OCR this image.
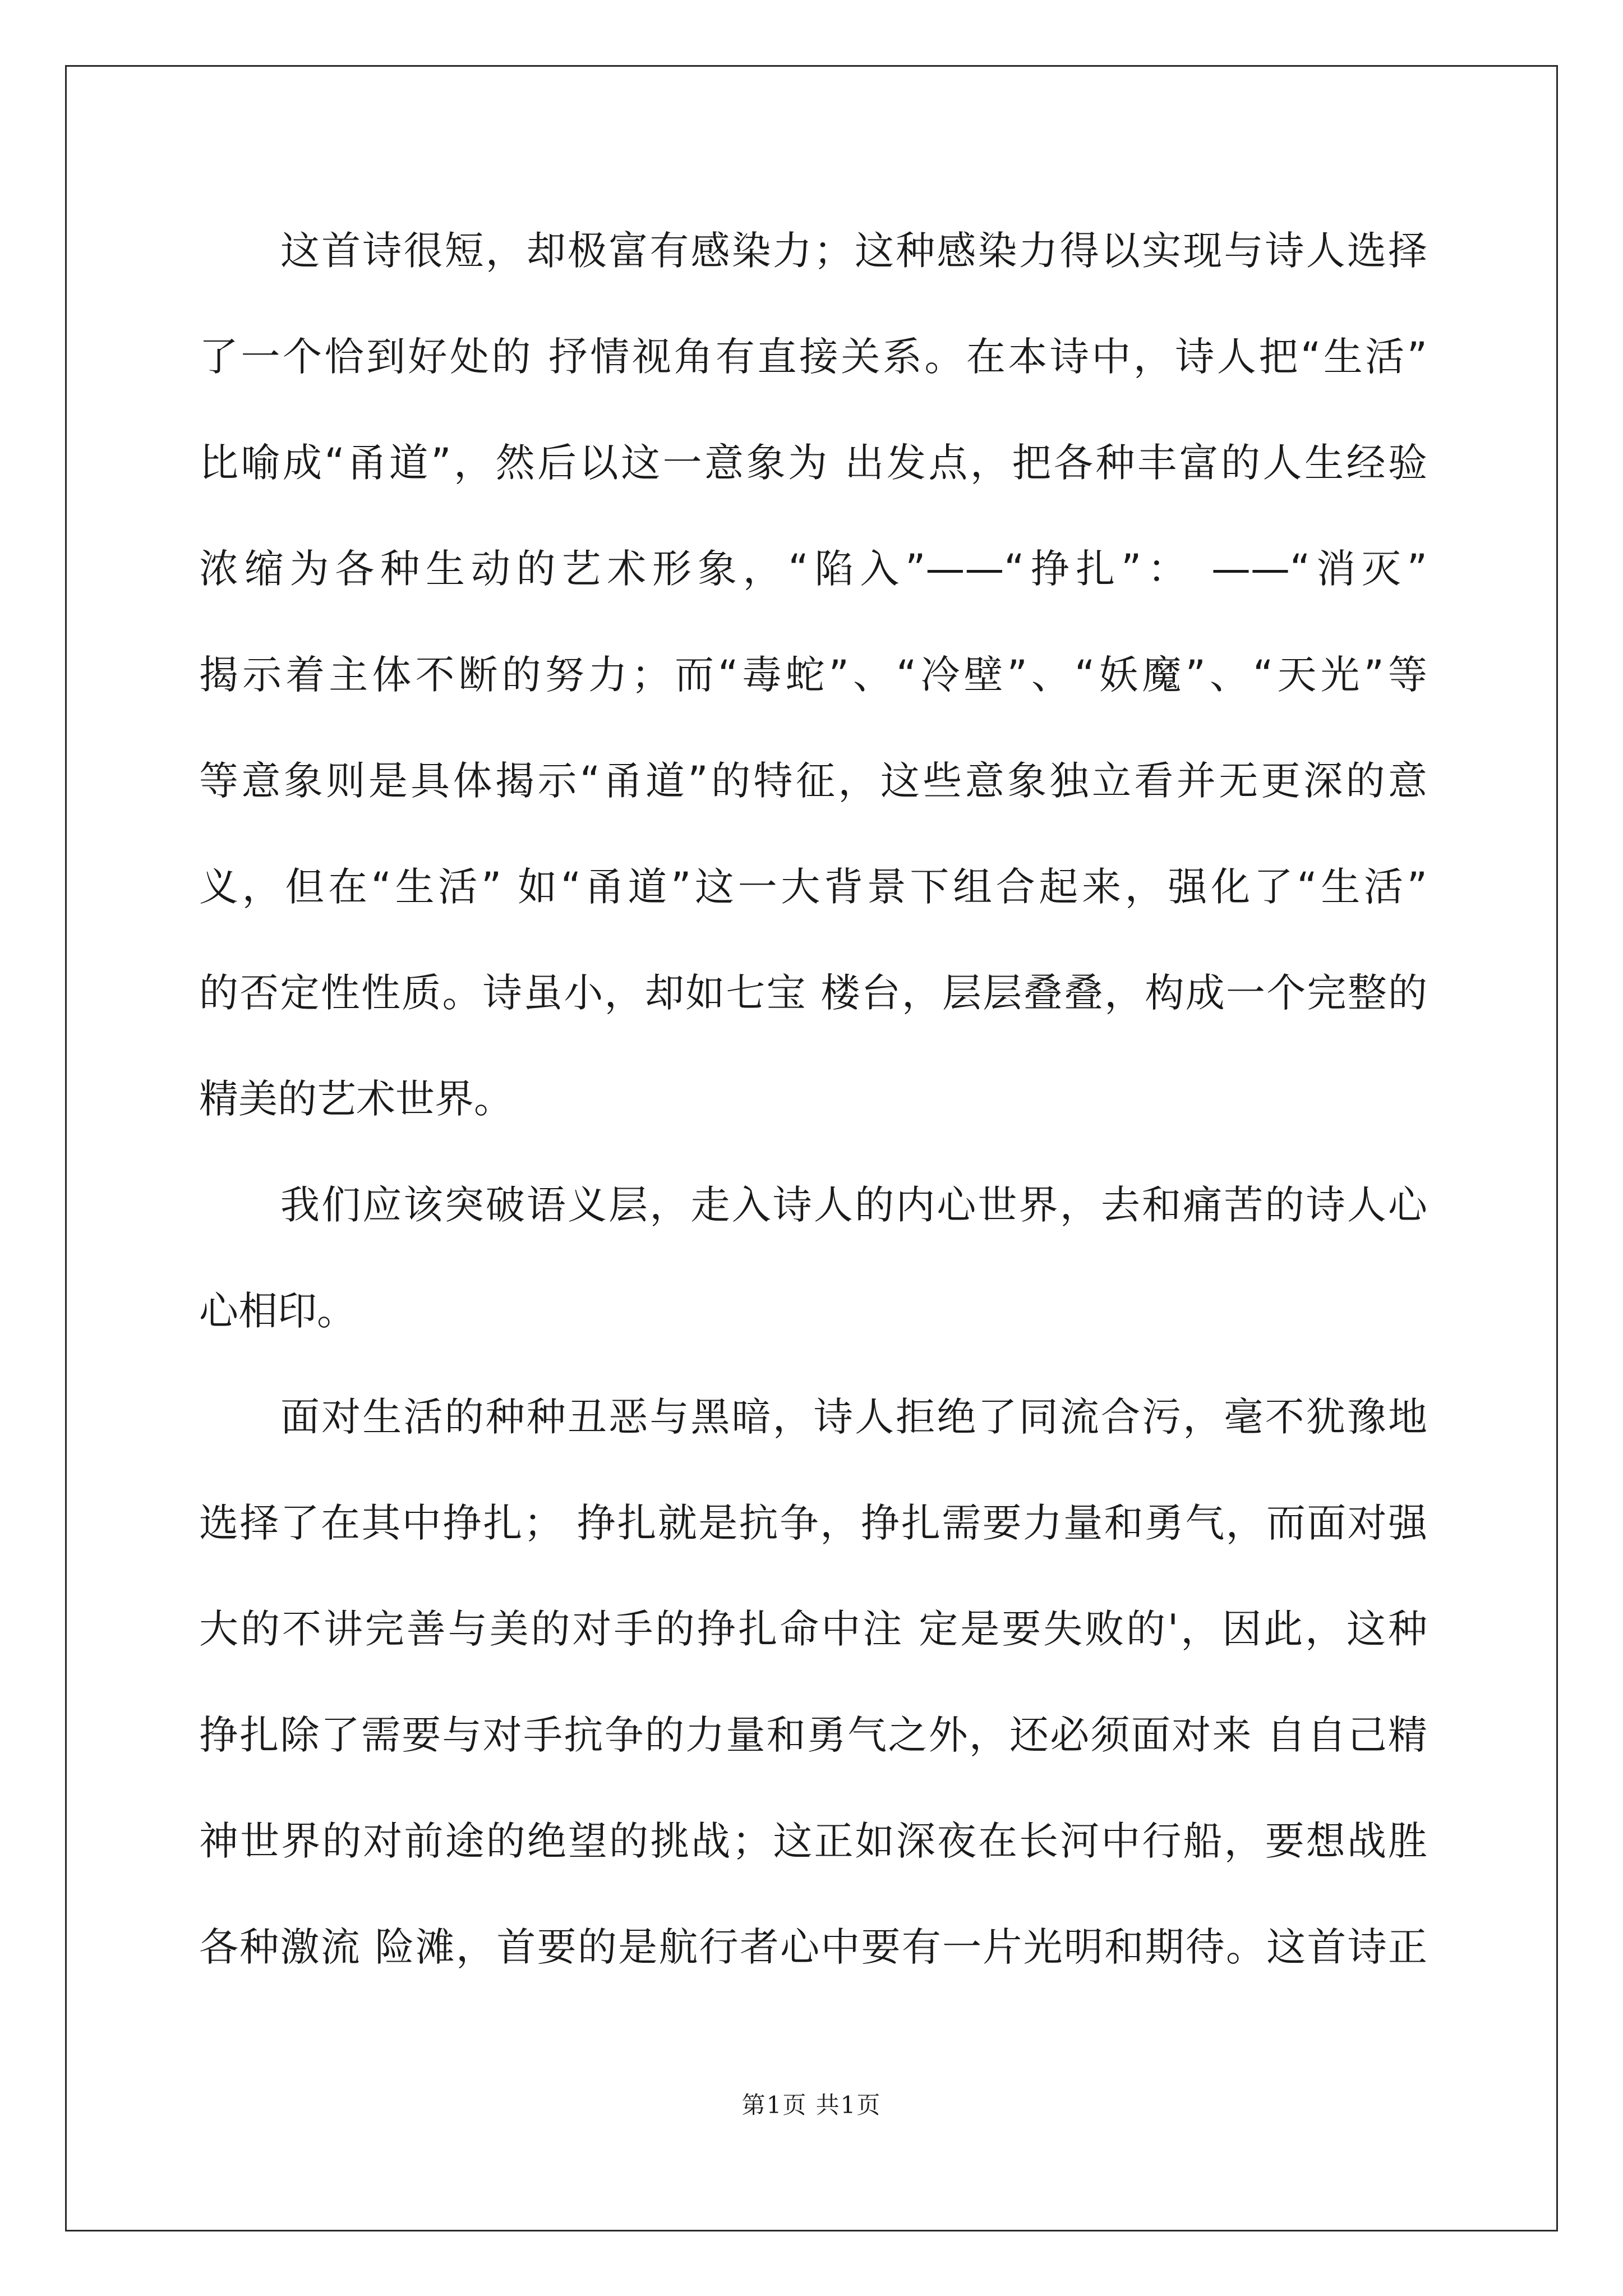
这首诗很短，却极富有感染力；这种感染力得以实现与诗人选择
了一个恰到好处的 抒情视角有直接关系。在本诗中，诗人把“生活”
比喻成“甬道”，然后以这一意象为 出发点，把各种丰富的人生经验
浓缩为各种生动的艺术形象，“陷入”——“挣扎”： ——“消灭”
揭示着主体不断的努力；而“毒蛇”、“冷壁”、“妖魔”、“天光”等
等意象则是具体揭示“甬道”的特征，这些意象独立看并无更深的意
义，但在“生活” 如“甬道”这一大背景下组合起来，强化了“生活”
的否定性性质。诗虽小，却如七宝 楼台，层层叠叠，构成一个完整的
精美的艺术世界。
我们应该突破语义层，走入诗人的内心世界，去和痛苦的诗人心
心相印。
面对生活的种种丑恶与黑暗，诗人拒绝了同流合污，毫不犹豫地
选择了在其中挣扎； 挣扎就是抗争，挣扎需要力量和勇气，而面对强
大的不讲完善与美的对手的挣扎命中注 定是要失败的'，因此，这种
挣扎除了需要与对手抗争的力量和勇气之外，还必须面对来 自自己精
神世界的对前途的绝望的挑战；这正如深夜在长河中行船，要想战胜
各种激流 险滩，首要的是航行者心中要有一片光明和期待。这首诗正
第1页 共1页
